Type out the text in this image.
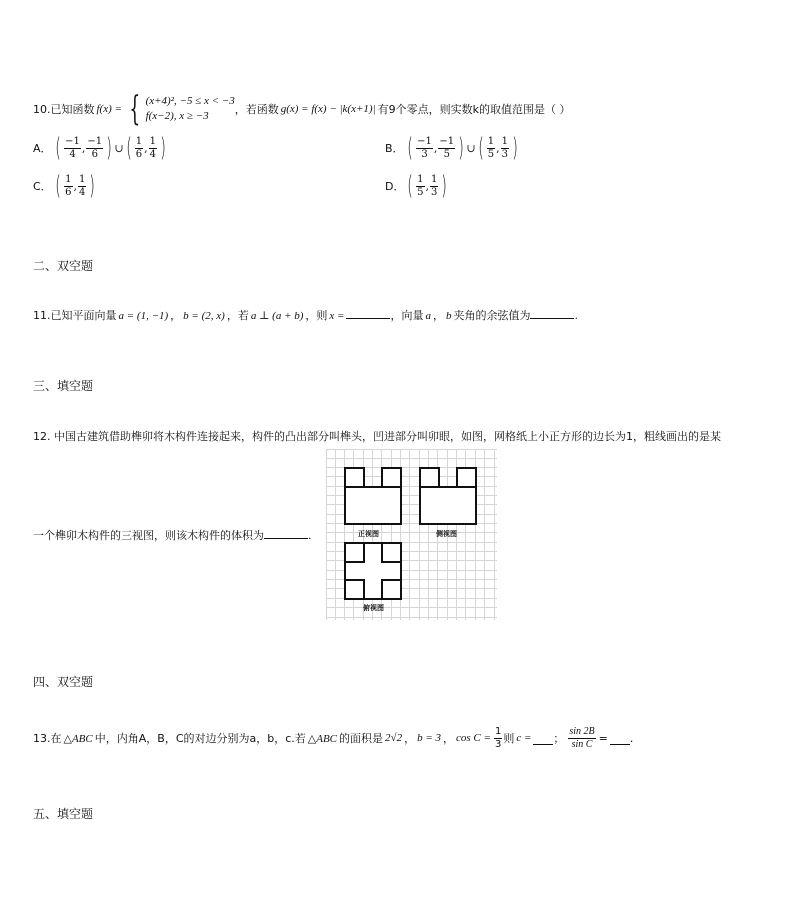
10. 已知函数 f(x) = { (x+4)², −5 ≤ x < −3
f(x−2), x ≥ −3	，若函数 g(x) = f(x) − |k(x+1)| 有9个零点，则实数k的取值范围是（ ）
A． ( $\frac{-1}{4}$ , $\frac{-1}{6}$ ) ∪ ( $\frac{1}{6}$ , $\frac{1}{4}$ )	B． ( $\frac{-1}{3}$ , $\frac{-1}{5}$ ) ∪ ( $\frac{1}{5}$ , $\frac{1}{3}$ )
C． ( $\frac{1}{6}$ , $\frac{1}{4}$ )	D． ( $\frac{1}{5}$ , $\frac{1}{3}$ )
二、双空题
11. 已知平面向量 a = (1, −1) ， b = (2, x) ，若 a ⊥ (a + b) ，则 x =	，向量 a ， b 夹角的余弦值为	.
三、填空题
12. 中国古建筑借助榫卯将木构件连接起来，构件的凸出部分叫榫头，凹进部分叫卯眼，如图，网格纸上小正方形的边长为1，粗线画出的是某
一个榫卯木构件的三视图，则该木构件的体积为	.	正视图	侧视图
俯视图
四、双空题
13. 在 △ABC 中，内角A，B，C的对边分别为a，b，c.若 △ABC 的面积是 2√2 ， b = 3 ， $\cos C = \frac{1}{3}$ 则 c = ； $\frac{\sin 2B}{\text{sin C}}$ = .
五、填空题
